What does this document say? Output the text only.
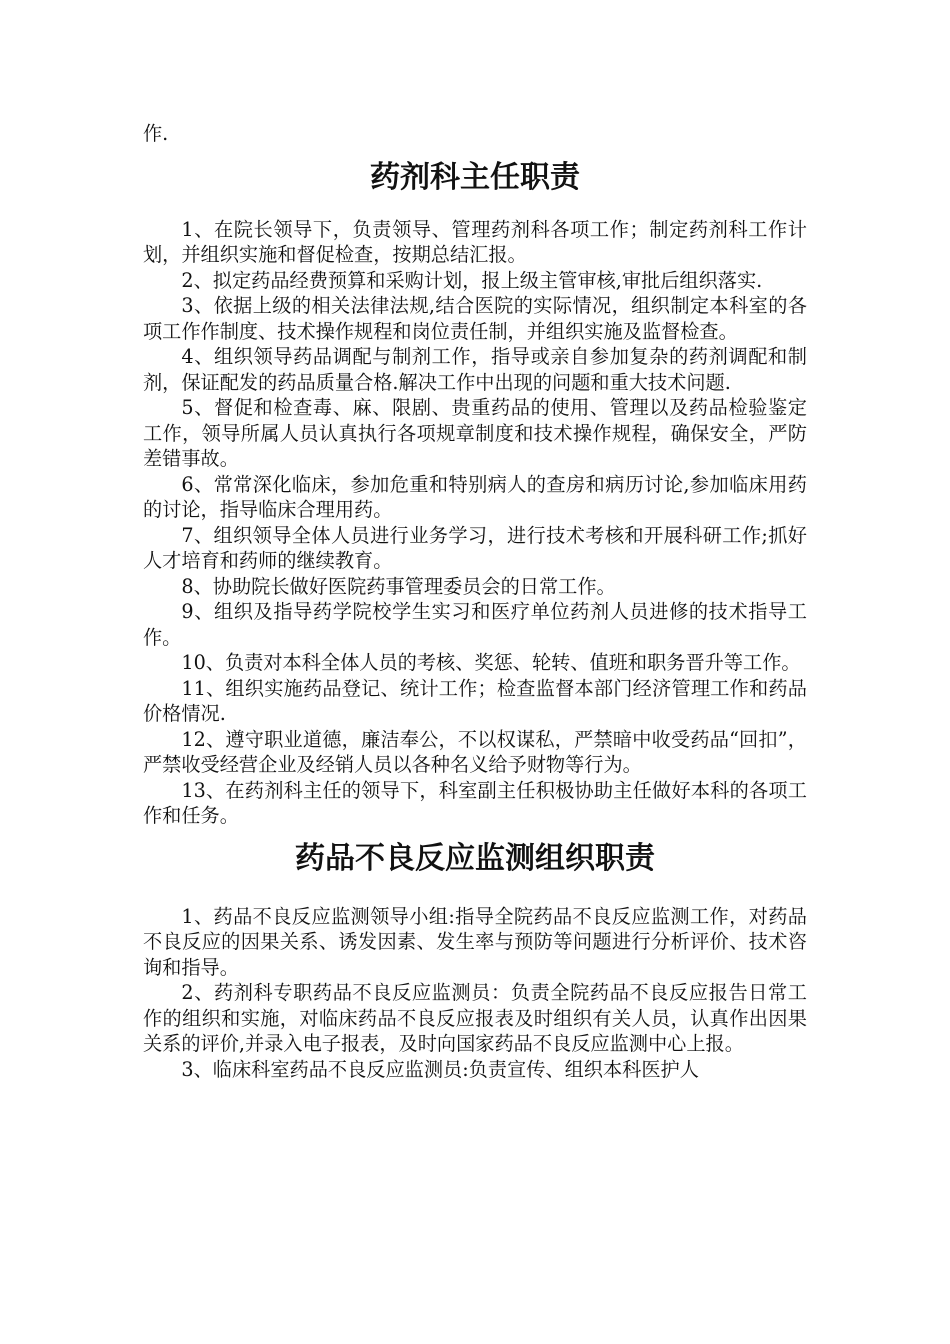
作.

药剂科主任职责

1、在院长领导下，负责领导、管理药剂科各项工作；制定药剂科工作计划，并组织实施和督促检查，按期总结汇报。

2、拟定药品经费预算和采购计划，报上级主管审核,审批后组织落实.

3、依据上级的相关法律法规,结合医院的实际情况，组织制定本科室的各项工作作制度、技术操作规程和岗位责任制，并组织实施及监督检查。

4、组织领导药品调配与制剂工作，指导或亲自参加复杂的药剂调配和制剂，保证配发的药品质量合格.解决工作中出现的问题和重大技术问题.

5、督促和检查毒、麻、限剧、贵重药品的使用、管理以及药品检验鉴定工作，领导所属人员认真执行各项规章制度和技术操作规程，确保安全，严防差错事故。

6、常常深化临床，参加危重和特别病人的查房和病历讨论,参加临床用药的讨论，指导临床合理用药。

7、组织领导全体人员进行业务学习，进行技术考核和开展科研工作;抓好人才培育和药师的继续教育。

8、协助院长做好医院药事管理委员会的日常工作。

9、组织及指导药学院校学生实习和医疗单位药剂人员进修的技术指导工作。

10、负责对本科全体人员的考核、奖惩、轮转、值班和职务晋升等工作。

11、组织实施药品登记、统计工作；检查监督本部门经济管理工作和药品价格情况.

12、遵守职业道德，廉洁奉公，不以权谋私，严禁暗中收受药品“回扣”，严禁收受经营企业及经销人员以各种名义给予财物等行为。

13、在药剂科主任的领导下，科室副主任积极协助主任做好本科的各项工作和任务。

药品不良反应监测组织职责

1、药品不良反应监测领导小组:指导全院药品不良反应监测工作，对药品不良反应的因果关系、诱发因素、发生率与预防等问题进行分析评价、技术咨询和指导。

2、药剂科专职药品不良反应监测员：负责全院药品不良反应报告日常工作的组织和实施，对临床药品不良反应报表及时组织有关人员，认真作出因果关系的评价,并录入电子报表，及时向国家药品不良反应监测中心上报。

3、临床科室药品不良反应监测员:负责宣传、组织本科医护人
